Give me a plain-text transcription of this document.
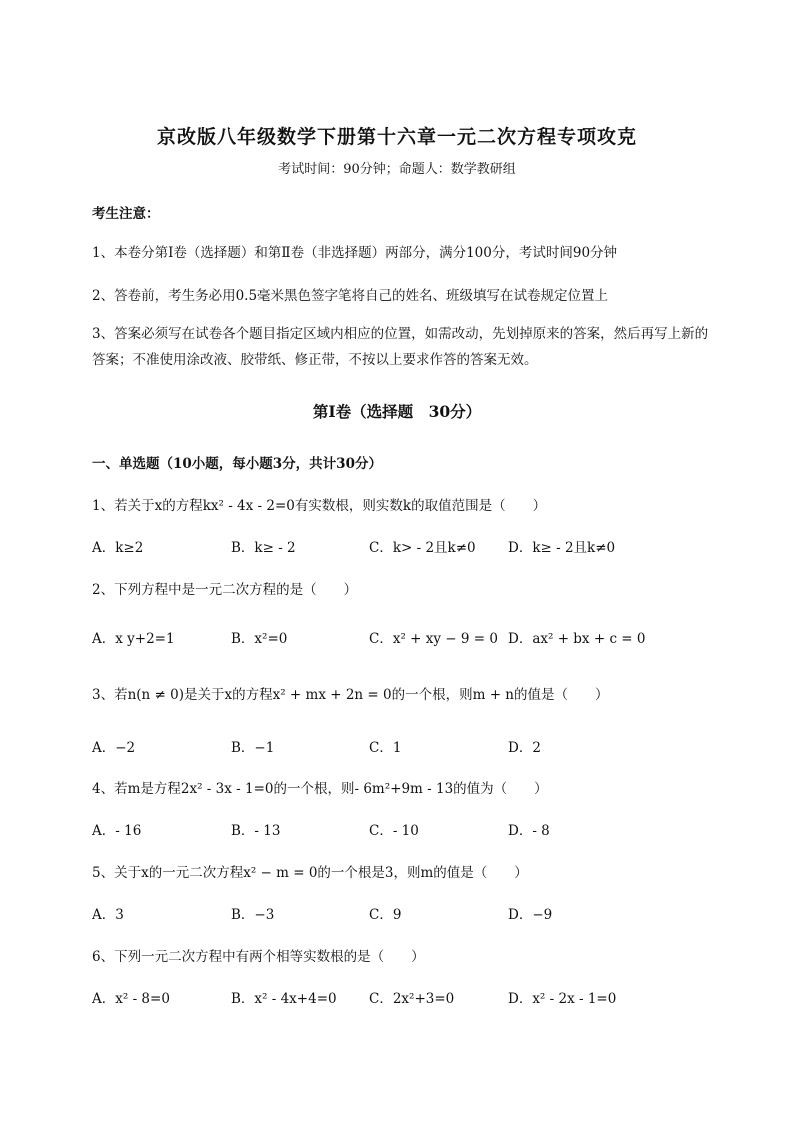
京改版八年级数学下册第十六章一元二次方程专项攻克
考试时间：90分钟；命题人：数学教研组
考生注意：
1、本卷分第I卷（选择题）和第Ⅱ卷（非选择题）两部分，满分100分，考试时间90分钟
2、答卷前，考生务必用0.5毫米黑色签字笔将自己的姓名、班级填写在试卷规定位置上
3、答案必须写在试卷各个题目指定区域内相应的位置，如需改动，先划掉原来的答案，然后再写上新的答案；不准使用涂改液、胶带纸、修正带，不按以上要求作答的答案无效。
第I卷（选择题　30分）
一、单选题（10小题，每小题3分，共计30分）
1、若关于x的方程kx² - 4x - 2=0有实数根，则实数k的取值范围是（　　）
A．k≥2	B．k≥ - 2	C．k> - 2且k≠0 D．k≥ - 2且k≠0
2、下列方程中是一元二次方程的是（　　）
A．x y+2=1	B．x²=0	C．x² + xy − 9 = 0 D．ax² + bx + c = 0
3、若n(n ≠ 0)是关于x的方程x² + mx + 2n = 0的一个根，则m + n的值是（　　）
A．−2	B．−1	C．1	D．2
4、若m是方程2x² - 3x - 1=0的一个根，则- 6m²+9m - 13的值为（　　）
A．- 16	B．- 13	C．- 10	D．- 8
5、关于x的一元二次方程x² − m = 0的一个根是3，则m的值是（　　）
A．3	B．−3	C．9	D．−9
6、下列一元二次方程中有两个相等实数根的是（　　）
A．x² - 8=0	B．x² - 4x+4=0 C．2x²+3=0	D．x² - 2x - 1=0
